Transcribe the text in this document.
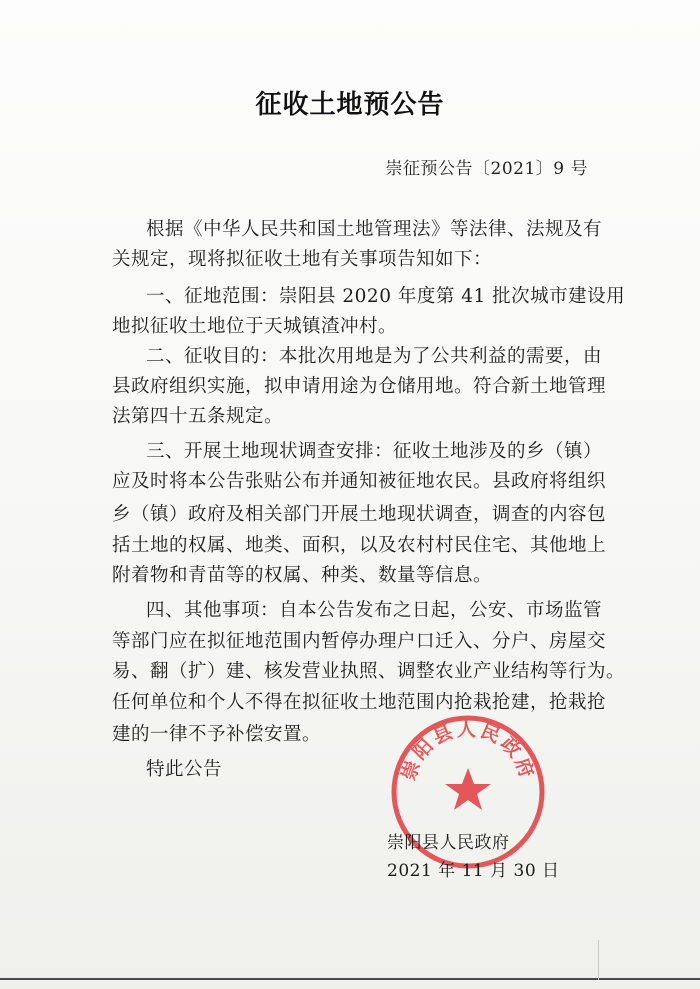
征收土地预公告
崇征预公告〔2021〕9 号
根据《中华人民共和国土地管理法》等法律、法规及有
关规定，现将拟征收土地有关事项告知如下：
一、征地范围：崇阳县 2020 年度第 41 批次城市建设用
地拟征收土地位于天城镇渣冲村。
二、征收目的：本批次用地是为了公共利益的需要，由
县政府组织实施，拟申请用途为仓储用地。符合新土地管理
法第四十五条规定。
三、开展土地现状调查安排：征收土地涉及的乡（镇）
应及时将本公告张贴公布并通知被征地农民。县政府将组织
乡（镇）政府及相关部门开展土地现状调查，调查的内容包
括土地的权属、地类、面积，以及农村村民住宅、其他地上
附着物和青苗等的权属、种类、数量等信息。
四、其他事项：自本公告发布之日起，公安、市场监管
等部门应在拟征地范围内暂停办理户口迁入、分户、房屋交
易、翻（扩）建、核发营业执照、调整农业产业结构等行为。
任何单位和个人不得在拟征收土地范围内抢栽抢建，抢栽抢
建的一律不予补偿安置。
特此公告	崇阳县人民政府
崇阳县人民政府
2021 年 11 月 30 日
